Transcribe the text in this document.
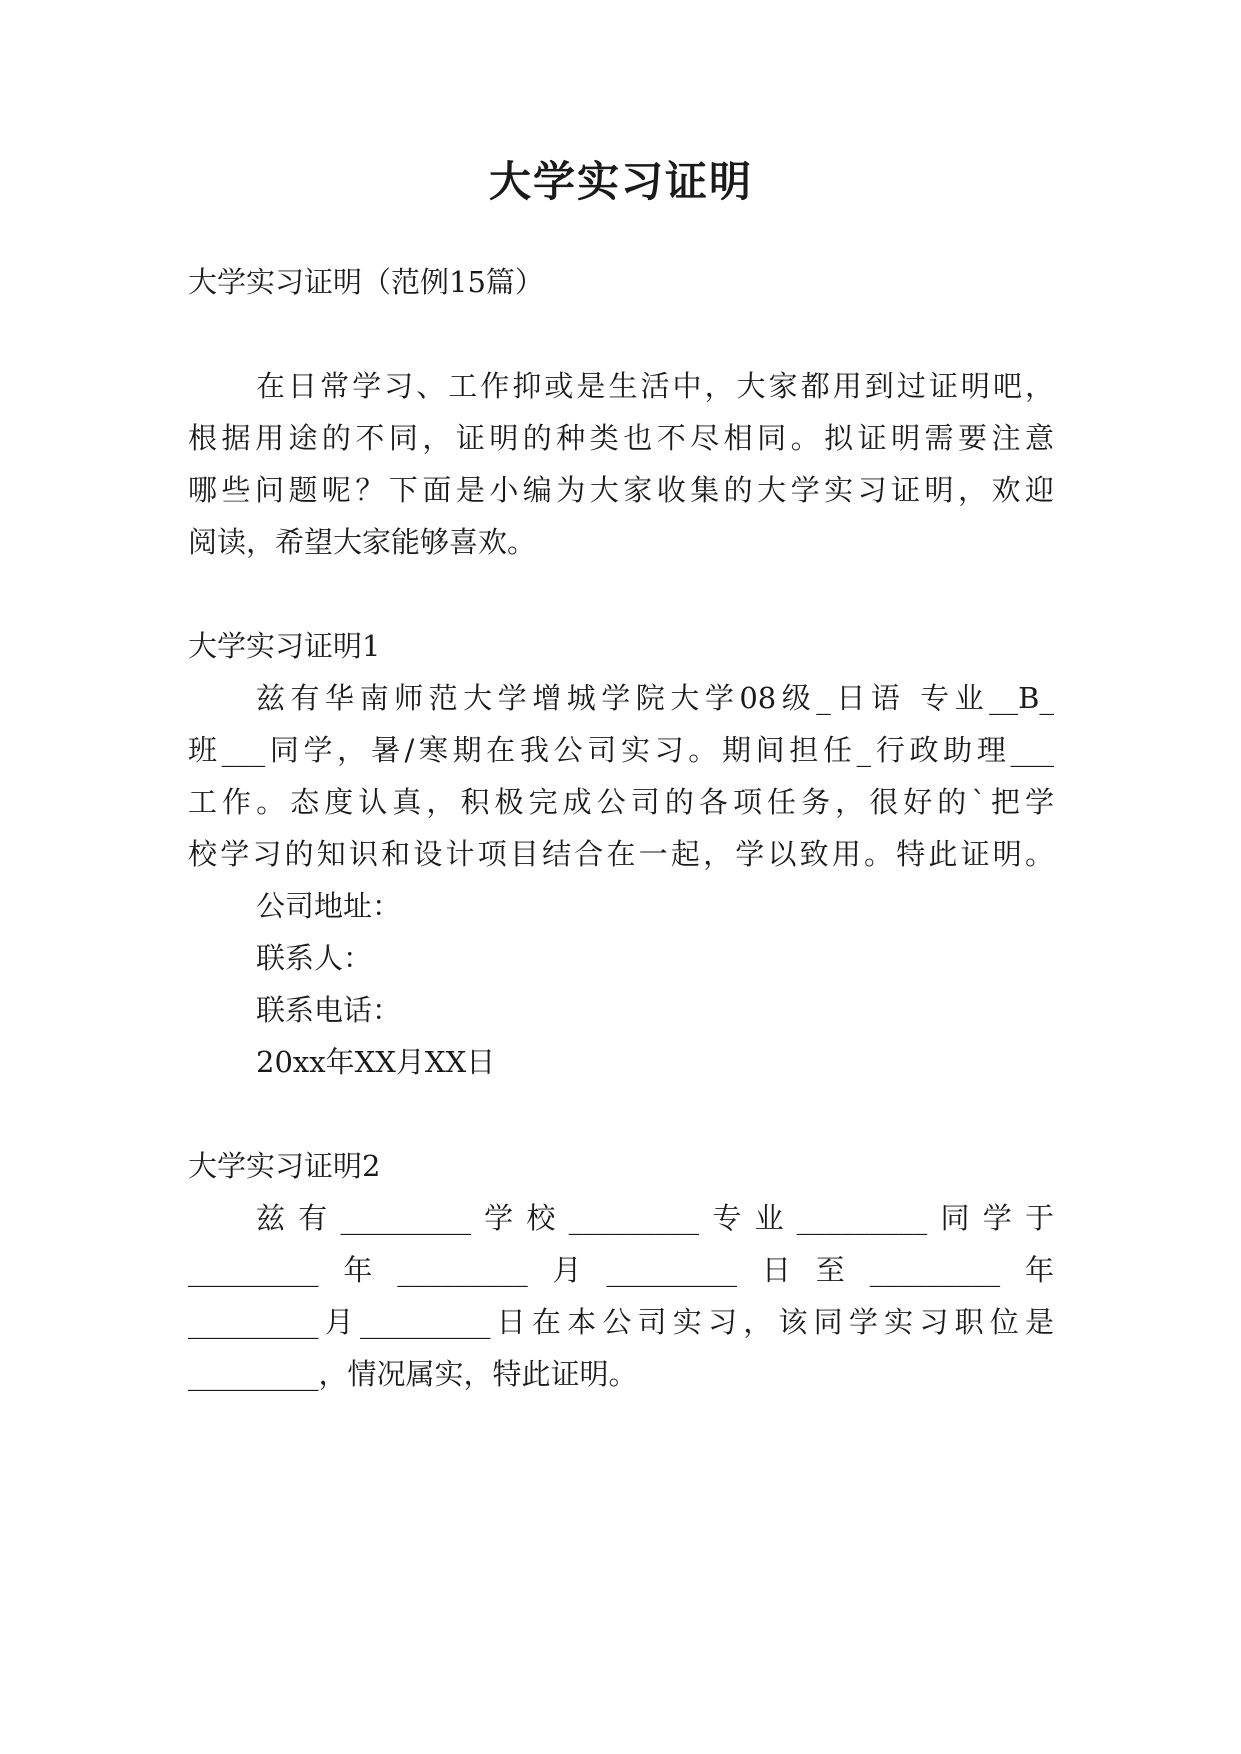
大学实习证明
大学实习证明（范例15篇）
在日常学习、工作抑或是生活中，大家都用到过证明吧，
根据用途的不同，证明的种类也不尽相同。拟证明需要注意
哪些问题呢？下面是小编为大家收集的大学实习证明，欢迎
阅读，希望大家能够喜欢。
大学实习证明1
兹有华南师范大学增城学院大学08级_日语 专业__B_
班___同学，暑/寒期在我公司实习。期间担任_行政助理___
工作。态度认真，积极完成公司的各项任务，很好的`把学
校学习的知识和设计项目结合在一起，学以致用。特此证明。
公司地址：
联系人：
联系电话：
20xx年XX月XX日
大学实习证明2
兹有_________学校_________专业_________同学于
_________年_________月_________日至_________年
_________月_________日在本公司实习，该同学实习职位是
_________，情况属实，特此证明。
